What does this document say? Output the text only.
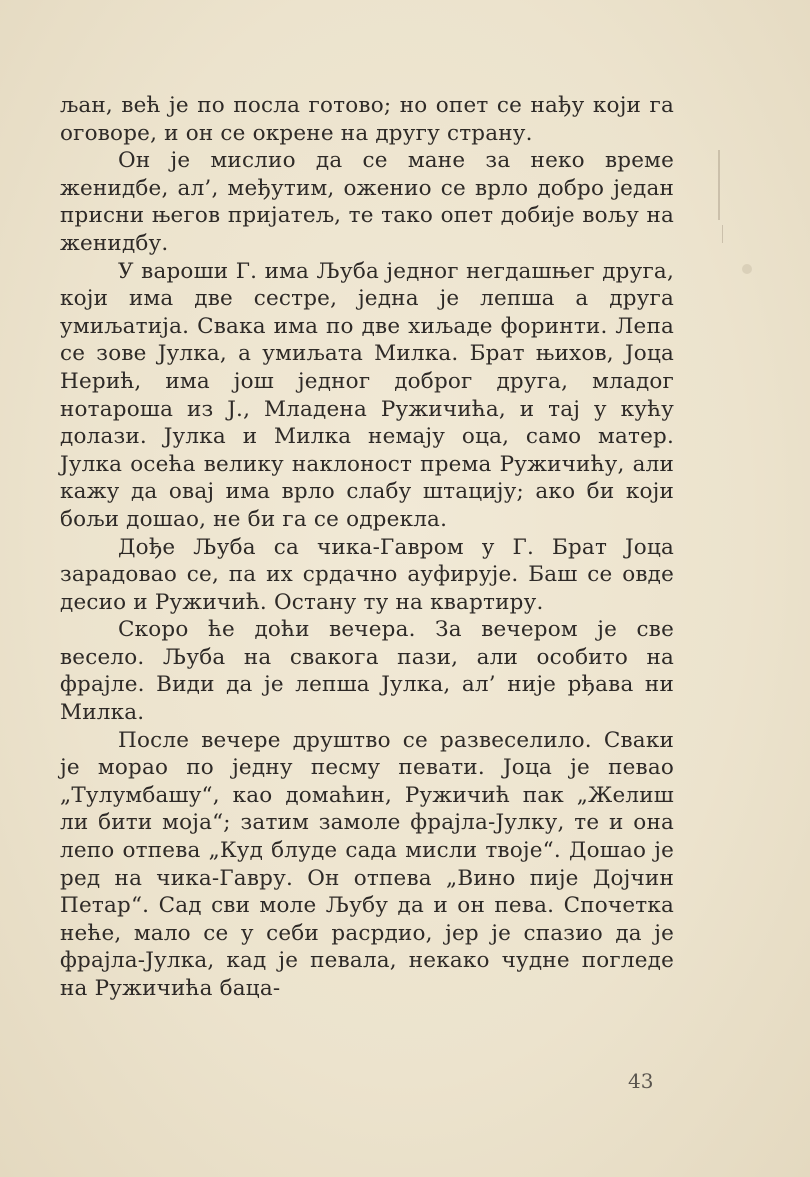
љан, већ је по посла готово; но опет се нађу који га оговоре, и он се окрене на другу страну.

Он је мислио да се мане за неко време женидбе, ал’, међутим, оженио се врло добро један присни његов пријатељ, те тако опет добије вољу на женидбу.

У вароши Г. има Љуба једног негдашњег друга, који има две сестре, једна је лепша а друга умиљатија. Свака има по две хиљаде форинти. Лепа се зове Јулка, а умиљата Милка. Брат њихов, Јоца Нерић, има још једног доброг друга, младог нотароша из Ј., Младена Ружичића, и тај у кућу долази. Јулка и Милка немају оца, само матер. Јулка осећа велику наклоност према Ружичићу, али кажу да овај има врло слабу штацију; ако би који бољи дошао, не би га се одрекла.

Дође Љуба са чика-Гавром у Г. Брат Јоца зарадовао се, па их срдачно ауфирује. Баш се овде десио и Ружичић. Остану ту на квартиру.

Скоро ће доћи вечера. За вечером је све весело. Љуба на свакога пази, али особито на фрајле. Види да је лепша Јулка, ал’ није рђава ни Милка.

После вечере друштво се развеселило. Сваки је морао по једну песму певати. Јоца је певао „Тулумбашу“, као домаћин, Ружичић пак „Желиш ли бити моја“; затим замоле фрајла-Јулку, те и она лепо отпева „Куд блуде сада мисли твоје“. Дошао је ред на чика-Гавру. Он отпева „Вино пије Дојчин Петар“. Сад сви моле Љубу да и он пева. Спочетка неће, мало се у себи расрдио, јер је спазио да је фрајла-Јулка, кад је певала, некако чудне погледе на Ружичића баца-

43
